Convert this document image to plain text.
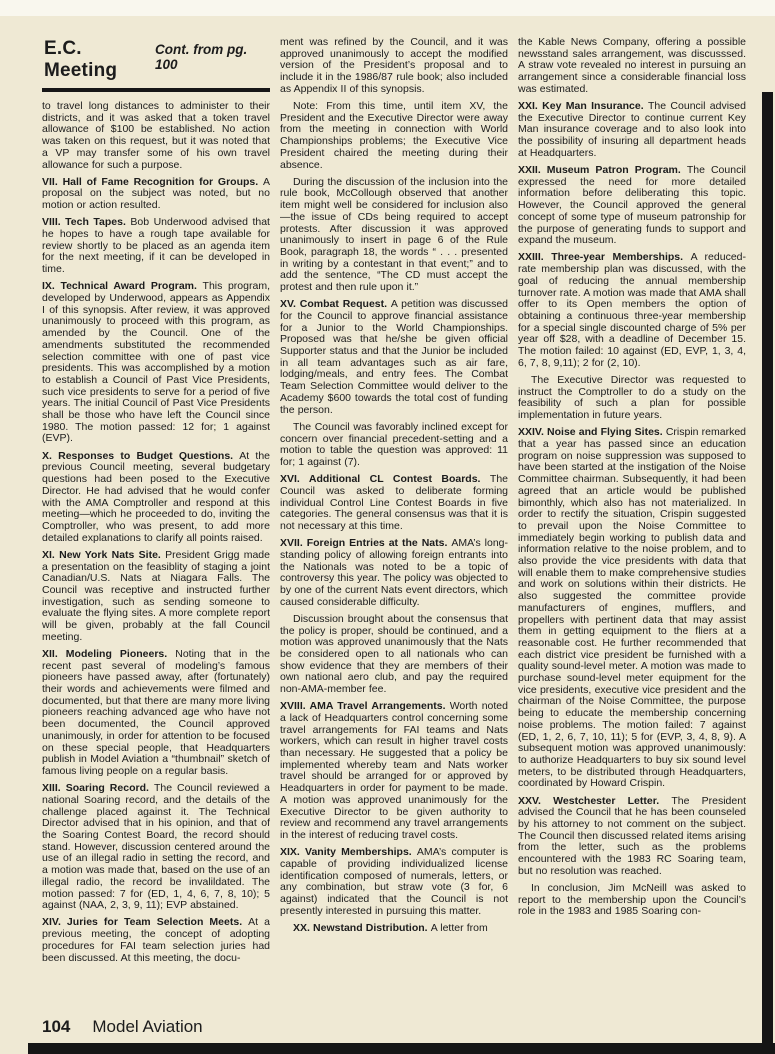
E.C. Meeting
Cont. from pg. 100

to travel long distances to administer to their districts, and it was asked that a token travel allowance of $100 be established. No action was taken on this request, but it was noted that a VP may transfer some of his own travel allowance for such a purpose.

VII. Hall of Fame Recognition for Groups. A proposal on the subject was noted, but no motion or action resulted.

VIII. Tech Tapes. Bob Underwood advised that he hopes to have a rough tape available for review shortly to be placed as an agenda item for the next meeting, if it can be developed in time.

IX. Technical Award Program. This program, developed by Underwood, appears as Appendix I of this synopsis. After review, it was approved unanimously to proceed with this program, as amended by the Council. One of the amendments substituted the recommended selection committee with one of past vice presidents. This was accomplished by a motion to establish a Council of Past Vice Presidents, such vice presidents to serve for a period of five years. The initial Council of Past Vice Presidents shall be those who have left the Council since 1980. The motion passed: 12 for; 1 against (EVP).

X. Responses to Budget Questions. At the previous Council meeting, several budgetary questions had been posed to the Executive Director. He had advised that he would confer with the AMA Comptroller and respond at this meeting—which he proceeded to do, inviting the Comptroller, who was present, to add more detailed explanations to clarify all points raised.

XI. New York Nats Site. President Grigg made a presentation on the feasiblity of staging a joint Canadian/U.S. Nats at Niagara Falls. The Council was receptive and instructed further investigation, such as sending someone to evaluate the flying sites. A more complete report will be given, probably at the fall Council meeting.

XII. Modeling Pioneers. Noting that in the recent past several of modeling’s famous pioneers have passed away, after (fortunately) their words and achievements were filmed and documented, but that there are many more living pioneers reaching advanced age who have not been documented, the Council approved unanimously, in order for attention to be focused on these special people, that Headquarters publish in Model Aviation a “thumbnail” sketch of famous living people on a regular basis.

XIII. Soaring Record. The Council reviewed a national Soaring record, and the details of the challenge placed against it. The Technical Director advised that in his opinion, and that of the Soaring Contest Board, the record should stand. However, discussion centered around the use of an illegal radio in setting the record, and a motion was made that, based on the use of an illegal radio, the record be invalildated. The motion passed: 7 for (ED, 1, 4, 6, 7, 8, 10); 5 against (NAA, 2, 3, 9, 11); EVP abstained.

XIV. Juries for Team Selection Meets. At a previous meeting, the concept of adopting procedures for FAI team selection juries had been discussed. At this meeting, the docu-

ment was refined by the Council, and it was approved unanimously to accept the modified version of the President’s proposal and to include it in the 1986/87 rule book; also included as Appendix II of this synopsis.

Note: From this time, until item XV, the President and the Executive Director were away from the meeting in connection with World Championships problems; the Executive Vice President chaired the meeting during their absence.

During the discussion of the inclusion into the rule book, McCollough observed that another item might well be considered for inclusion also—the issue of CDs being required to accept protests. After discussion it was approved unanimously to insert in page 6 of the Rule Book, paragraph 18, the words “ . . . presented in writing by a contestant in that event;” and to add the sentence, “The CD must accept the protest and then rule upon it.”

XV. Combat Request. A petition was discussed for the Council to approve financial assistance for a Junior to the World Championships. Proposed was that he/she be given official Supporter status and that the Junior be included in all team advantages such as air fare, lodging/meals, and entry fees. The Combat Team Selection Committee would deliver to the Academy $600 towards the total cost of funding the person.

The Council was favorably inclined except for concern over financial precedent-setting and a motion to table the question was approved: 11 for; 1 against (7).

XVI. Additional CL Contest Boards. The Council was asked to deliberate forming individual Control Line Contest Boards in five categories. The general consensus was that it is not necessary at this time.

XVII. Foreign Entries at the Nats. AMA’s long-standing policy of allowing foreign entrants into the Nationals was noted to be a topic of controversy this year. The policy was objected to by one of the current Nats event directors, which caused considerable difficulty.

Discussion brought about the consensus that the policy is proper, should be continued, and a motion was approved unanimously that the Nats be considered open to all nationals who can show evidence that they are members of their own national aero club, and pay the required non-AMA-member fee.

XVIII. AMA Travel Arrangements. Worth noted a lack of Headquarters control concerning some travel arrangements for FAI teams and Nats workers, which can result in higher travel costs than necessary. He suggested that a policy be implemented whereby team and Nats worker travel should be arranged for or approved by Headquarters in order for payment to be made. A motion was approved unanimously for the Executive Director to be given authority to review and recommend any travel arrangements in the interest of reducing travel costs.

XIX. Vanity Memberships. AMA’s computer is capable of providing individualized license identification composed of numerals, letters, or any combination, but straw vote (3 for, 6 against) indicated that the Council is not presently interested in pursuing this matter.

XX. Newstand Distribution. A letter from

the Kable News Company, offering a possible newsstand sales arrangement, was discusssed. A straw vote revealed no interest in pursuing an arrangement since a considerable financial loss was estimated.

XXI. Key Man Insurance. The Council advised the Executive Director to continue current Key Man insurance coverage and to also look into the possibility of insuring all department heads at Headquarters.

XXII. Museum Patron Program. The Council expressed the need for more detailed information before deliberating this topic. However, the Council approved the general concept of some type of museum patronship for the purpose of generating funds to support and expand the museum.

XXIII. Three-year Memberships. A reduced-rate membership plan was discussed, with the goal of reducing the annual membership turnover rate. A motion was made that AMA shall offer to its Open members the option of obtaining a continuous three-year membership for a special single discounted charge of 5% per year off $28, with a deadline of December 15. The motion failed: 10 against (ED, EVP, 1, 3, 4, 6, 7, 8, 9,11); 2 for (2, 10).

The Executive Director was requested to instruct the Comptroller to do a study on the feasibility of such a plan for possible implementation in future years.

XXIV. Noise and Flying Sites. Crispin remarked that a year has passed since an education program on noise suppression was supposed to have been started at the instigation of the Noise Committee chairman. Subsequently, it had been agreed that an article would be published bimonthly, which also has not materialized. In order to rectify the situation, Crispin suggested to prevail upon the Noise Committee to immediately begin working to publish data and information relative to the noise problem, and to also provide the vice presidents with data that will enable them to make comprehensive studies and work on solutions within their districts. He also suggested the committee provide manufacturers of engines, mufflers, and propellers with pertinent data that may assist them in getting equipment to the fliers at a reasonable cost. He further recommended that each district vice president be furnished with a quality sound-level meter. A motion was made to purchase sound-level meter equipment for the vice presidents, executive vice president and the chairman of the Noise Committee, the purpose being to educate the membership concerning noise problems. The motion failed: 7 against (ED, 1, 2, 6, 7, 10, 11); 5 for (EVP, 3, 4, 8, 9). A subsequent motion was approved unanimously: to authorize Headquarters to buy six sound level meters, to be distributed through Headquarters, coordinated by Howard Crispin.

XXV. Westchester Letter. The President advised the Council that he has been counseled by his attorney to not comment on the subject. The Council then discussed related items arising from the letter, such as the problems encountered with the 1983 RC Soaring team, but no resolution was reached.

In conclusion, Jim McNeill was asked to report to the membership upon the Council’s role in the 1983 and 1985 Soaring con-

104 Model Aviation
